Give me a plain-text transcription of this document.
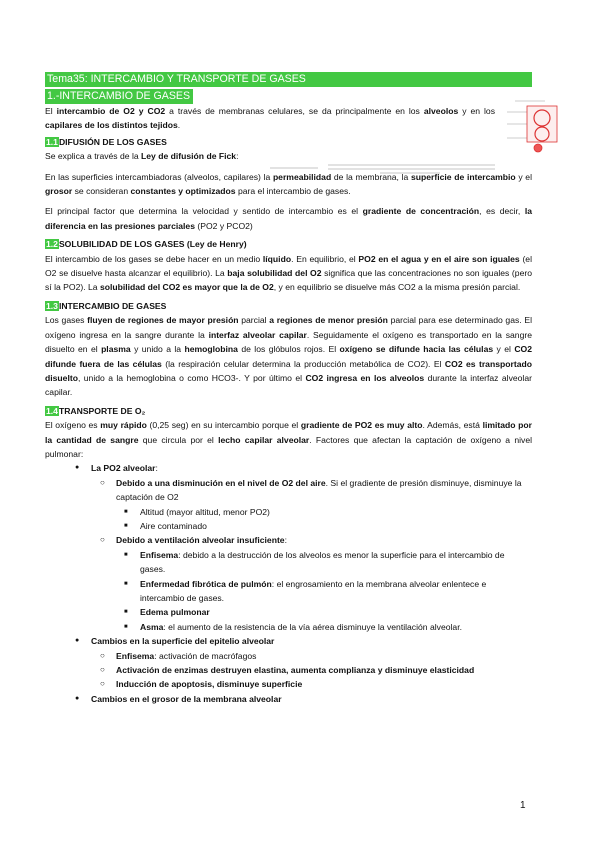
Tema35: INTERCAMBIO Y TRANSPORTE DE GASES
1.-INTERCAMBIO DE GASES
El intercambio de O2 y CO2 a través de membranas celulares, se da principalmente en los alveolos y en los capilares de los distintos tejidos.
1.1DIFUSIÓN DE LOS GASES
Se explica a través de la Ley de difusión de Fick:
En las superficies intercambiadoras (alveolos, capilares) la permeabilidad de la membrana, la superficie de intercambio y el grosor se consideran constantes y optimizados para el intercambio de gases.
El principal factor que determina la velocidad y sentido de intercambio es el gradiente de concentración, es decir, la diferencia en las presiones parciales (PO2 y PCO2)
1.2SOLUBILIDAD DE LOS GASES (Ley de Henry)
El intercambio de los gases se debe hacer en un medio líquido. En equilibrio, el PO2 en el agua y en el aire son iguales (el O2 se disuelve hasta alcanzar el equilibrio). La baja solubilidad del O2 significa que las concentraciones no son iguales (pero sí la PO2). La solubilidad del CO2 es mayor que la de O2, y en equilibrio se disuelve más CO2 a la misma presión parcial.
1.3INTERCAMBIO DE GASES
Los gases fluyen de regiones de mayor presión parcial a regiones de menor presión parcial para ese determinado gas. El oxígeno ingresa en la sangre durante la interfaz alveolar capilar. Seguidamente el oxígeno es transportado en la sangre disuelto en el plasma y unido a la hemoglobina de los glóbulos rojos. El oxígeno se difunde hacia las células y el CO2 difunde fuera de las células (la respiración celular determina la producción metabólica de CO2). El CO2 es transportado disuelto, unido a la hemoglobina o como HCO3-. Y por último el CO2 ingresa en los alveolos durante la interfaz alveolar capilar.
1.4TRANSPORTE DE O₂
El oxígeno es muy rápido (0,25 seg) en su intercambio porque el gradiente de PO2 es muy alto. Además, está limitado por la cantidad de sangre que circula por el lecho capilar alveolar. Factores que afectan la captación de oxígeno a nivel pulmonar:
● La PO2 alveolar:
○ Debido a una disminución en el nivel de O2 del aire. Si el gradiente de presión disminuye, disminuye la captación de O2
■ Altitud (mayor altitud, menor PO2)
■ Aire contaminado
○ Debido a ventilación alveolar insuficiente:
■ Enfisema: debido a la destrucción de los alveolos es menor la superficie para el intercambio de gases.
■ Enfermedad fibrótica de pulmón: el engrosamiento en la membrana alveolar enlentece e intercambio de gases.
■ Edema pulmonar
■ Asma: el aumento de la resistencia de la vía aérea disminuye la ventilación alveolar.
● Cambios en la superficie del epitelio alveolar
○ Enfisema: activación de macrófagos
○ Activación de enzimas destruyen elastina, aumenta complianza y disminuye elasticidad
○ Inducción de apoptosis, disminuye superficie
● Cambios en el grosor de la membrana alveolar
1
